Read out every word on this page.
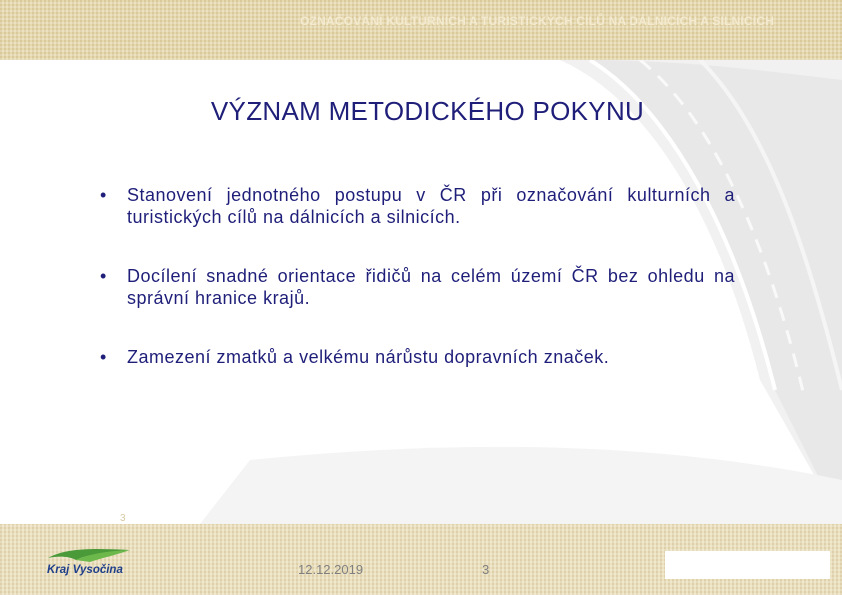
OZNAČOVÁNÍ KULTURNÍCH A TURISTICKÝCH CÍLŮ NA DÁLNICÍCH A SILNICÍCH
VÝZNAM METODICKÉHO POKYNU
• Stanovení jednotného postupu v ČR při označování kulturních a turistických cílů na dálnicích a silnicích.
• Docílení snadné orientace řidičů na celém území ČR bez ohledu na správní hranice krajů.
• Zamezení zmatků a velkému nárůstu dopravních značek.
3
Kraj Vysočina	12.12.2019	3
